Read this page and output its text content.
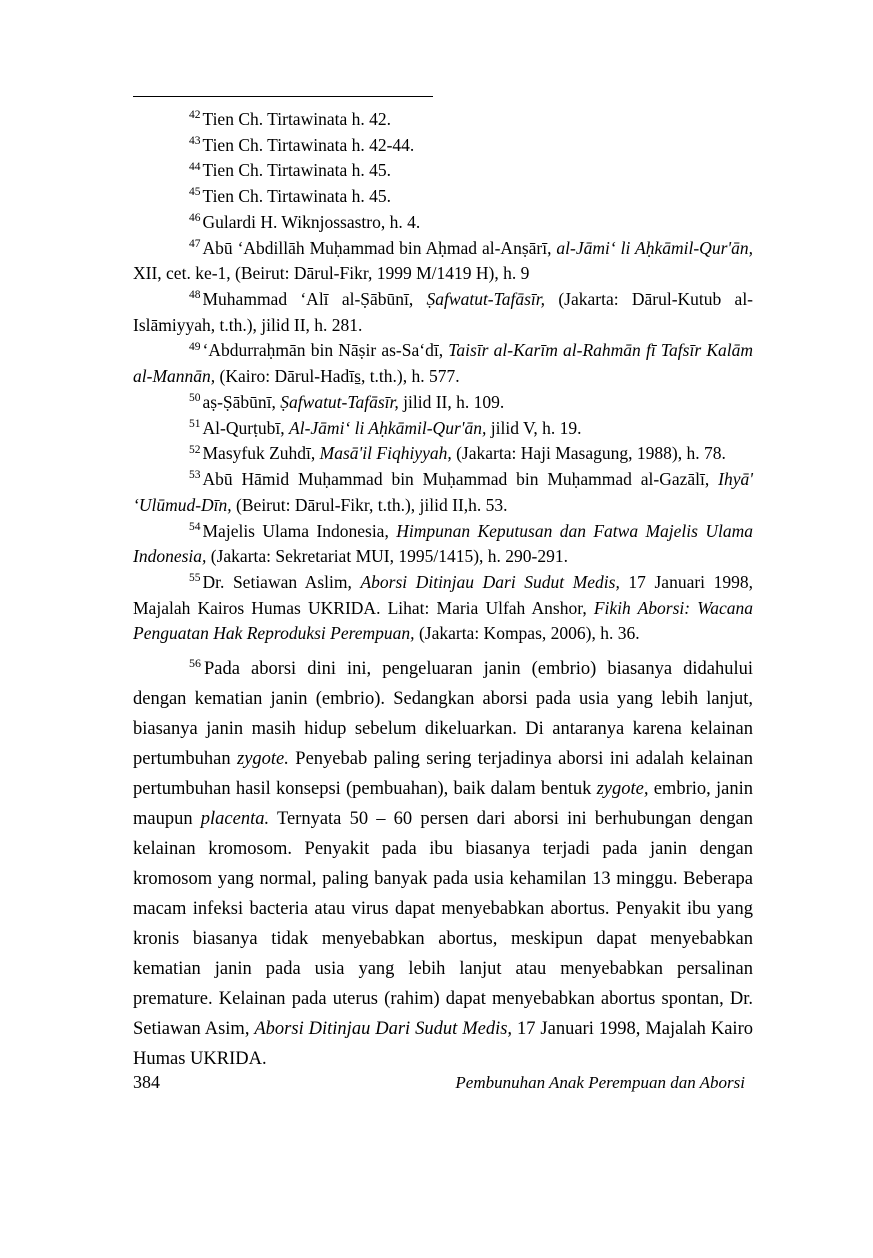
$^{42}$ Tien Ch. Tirtawinata h. 42.

$^{43}$ Tien Ch. Tirtawinata h. 42-44.

$^{44}$ Tien Ch. Tirtawinata h. 45.

$^{45}$ Tien Ch. Tirtawinata h. 45.

$^{46}$ Gulardi H. Wiknjossastro, h. 4.

$^{47}$ Abū ‘Abdillāh Muḥammad bin Aḥmad al-Anṣārī, al-Jāmi‘ li Aḥkāmil-Qur'ān, XII, cet. ke-1, (Beirut: Dārul-Fikr, 1999 M/1419 H), h. 9

$^{48}$ Muhammad ‘Alī al-Ṣābūnī, Ṣafwatut-Tafāsīr, (Jakarta: Dārul-Kutub al-Islāmiyyah, t.th.), jilid II, h. 281.

$^{49}$ ‘Abdurraḥmān bin Nāṣir as-Sa‘dī, Taisīr al-Karīm al-Rahmān fī Tafsīr Kalām al-Mannān, (Kairo: Dārul-Hadīs̱, t.th.), h. 577.

$^{50}$ aṣ-Ṣābūnī, Ṣafwatut-Tafāsīr, jilid II, h. 109.

$^{51}$ Al-Qurṭubī, Al-Jāmi‘ li Aḥkāmil-Qur'ān, jilid V, h. 19.

$^{52}$ Masyfuk Zuhdī, Masā'il Fiqhiyyah, (Jakarta: Haji Masagung, 1988), h. 78.

$^{53}$ Abū Hāmid Muḥammad bin Muḥammad bin Muḥammad al-Gazālī, Ihyā' ‘Ulūmud-Dīn, (Beirut: Dārul-Fikr, t.th.), jilid II,h. 53.

$^{54}$ Majelis Ulama Indonesia, Himpunan Keputusan dan Fatwa Majelis Ulama Indonesia, (Jakarta: Sekretariat MUI, 1995/1415), h. 290-291.

$^{55}$ Dr. Setiawan Aslim, Aborsi Ditinjau Dari Sudut Medis, 17 Januari 1998, Majalah Kairos Humas UKRIDA. Lihat: Maria Ulfah Anshor, Fikih Aborsi: Wacana Penguatan Hak Reproduksi Perempuan, (Jakarta: Kompas, 2006), h. 36.

$^{56}$ Pada aborsi dini ini, pengeluaran janin (embrio) biasanya didahului dengan kematian janin (embrio). Sedangkan aborsi pada usia yang lebih lanjut, biasanya janin masih hidup sebelum dikeluarkan. Di antaranya karena kelainan pertumbuhan zygote. Penyebab paling sering terjadinya aborsi ini adalah kelainan pertumbuhan hasil konsepsi (pembuahan), baik dalam bentuk zygote, embrio, janin maupun placenta. Ternyata 50 – 60 persen dari aborsi ini berhubungan dengan kelainan kromosom. Penyakit pada ibu biasanya terjadi pada janin dengan kromosom yang normal, paling banyak pada usia kehamilan 13 minggu. Beberapa macam infeksi bacteria atau virus dapat menyebabkan abortus. Penyakit ibu yang kronis biasanya tidak menyebabkan abortus, meskipun dapat menyebabkan kematian janin pada usia yang lebih lanjut atau menyebabkan persalinan premature. Kelainan pada uterus (rahim) dapat menyebabkan abortus spontan, Dr. Setiawan Asim, Aborsi Ditinjau Dari Sudut Medis, 17 Januari 1998, Majalah Kairo Humas UKRIDA.

384	Pembunuhan Anak Perempuan dan Aborsi
